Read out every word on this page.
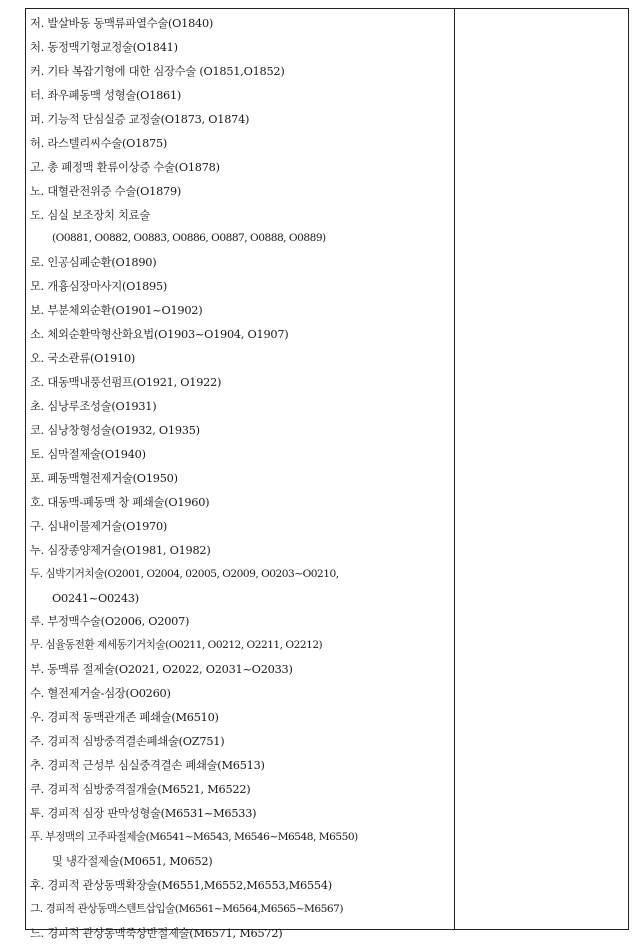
저. 발살바동 동맥류파열수술(O1840)
처. 동정맥기형교정술(O1841)
커. 기타 복잡기형에 대한 심장수술 (O1851,O1852)
터. 좌우폐동맥 성형술(O1861)
퍼. 기능적 단심실증 교정술(O1873, O1874)
허. 라스텔리씨수술(O1875)
고. 총 폐정맥 환류이상증 수술(O1878)
노. 대혈관전위증 수술(O1879)
도. 심실 보조장치 치료술
(O0881, O0882, O0883, O0886, O0887, O0888, O0889)
로. 인공심폐순환(O1890)
모. 개흉심장마사지(O1895)
보. 부분체외순환(O1901~O1902)
소. 체외순환막형산화요법(O1903~O1904, O1907)
오. 국소관류(O1910)
조. 대동맥내풍선펌프(O1921, O1922)
초. 심낭루조성술(O1931)
코. 심낭창형성술(O1932, O1935)
토. 심막절제술(O1940)
포. 폐동맥혈전제거술(O1950)
호. 대동맥-폐동맥 창 폐쇄술(O1960)
구. 심내이물제거술(O1970)
누. 심장종양제거술(O1981, O1982)
두. 심박기거치술(O2001, O2004, 02005, O2009, O0203~O0210,
O0241~O0243)
루. 부정맥수술(O2006, O2007)
무. 심율동전환 제세동기거치술(O0211, O0212, O2211, O2212)
부. 동맥류 절제술(O2021, O2022, O2031~O2033)
수. 혈전제거술-심장(O0260)
우. 경피적 동맥관개존 폐쇄술(M6510)
주. 경피적 심방중격결손폐쇄술(OZ751)
추. 경피적 근성부 심실중격결손 폐쇄술(M6513)
쿠. 경피적 심방중격절개술(M6521, M6522)
투. 경피적 심장 판막성형술(M6531~M6533)
푸. 부정맥의 고주파절제술(M6541~M6543, M6546~M6548, M6550)
및 냉각절제술(M0651, M0652)
후. 경피적 관상동맥확장술(M6551,M6552,M6553,M6554)
그. 경피적 관상동맥스텐트삽입술(M6561~M6564,M6565~M6567)
느. 경피적 관상동맥죽상반절제술(M6571, M6572)
